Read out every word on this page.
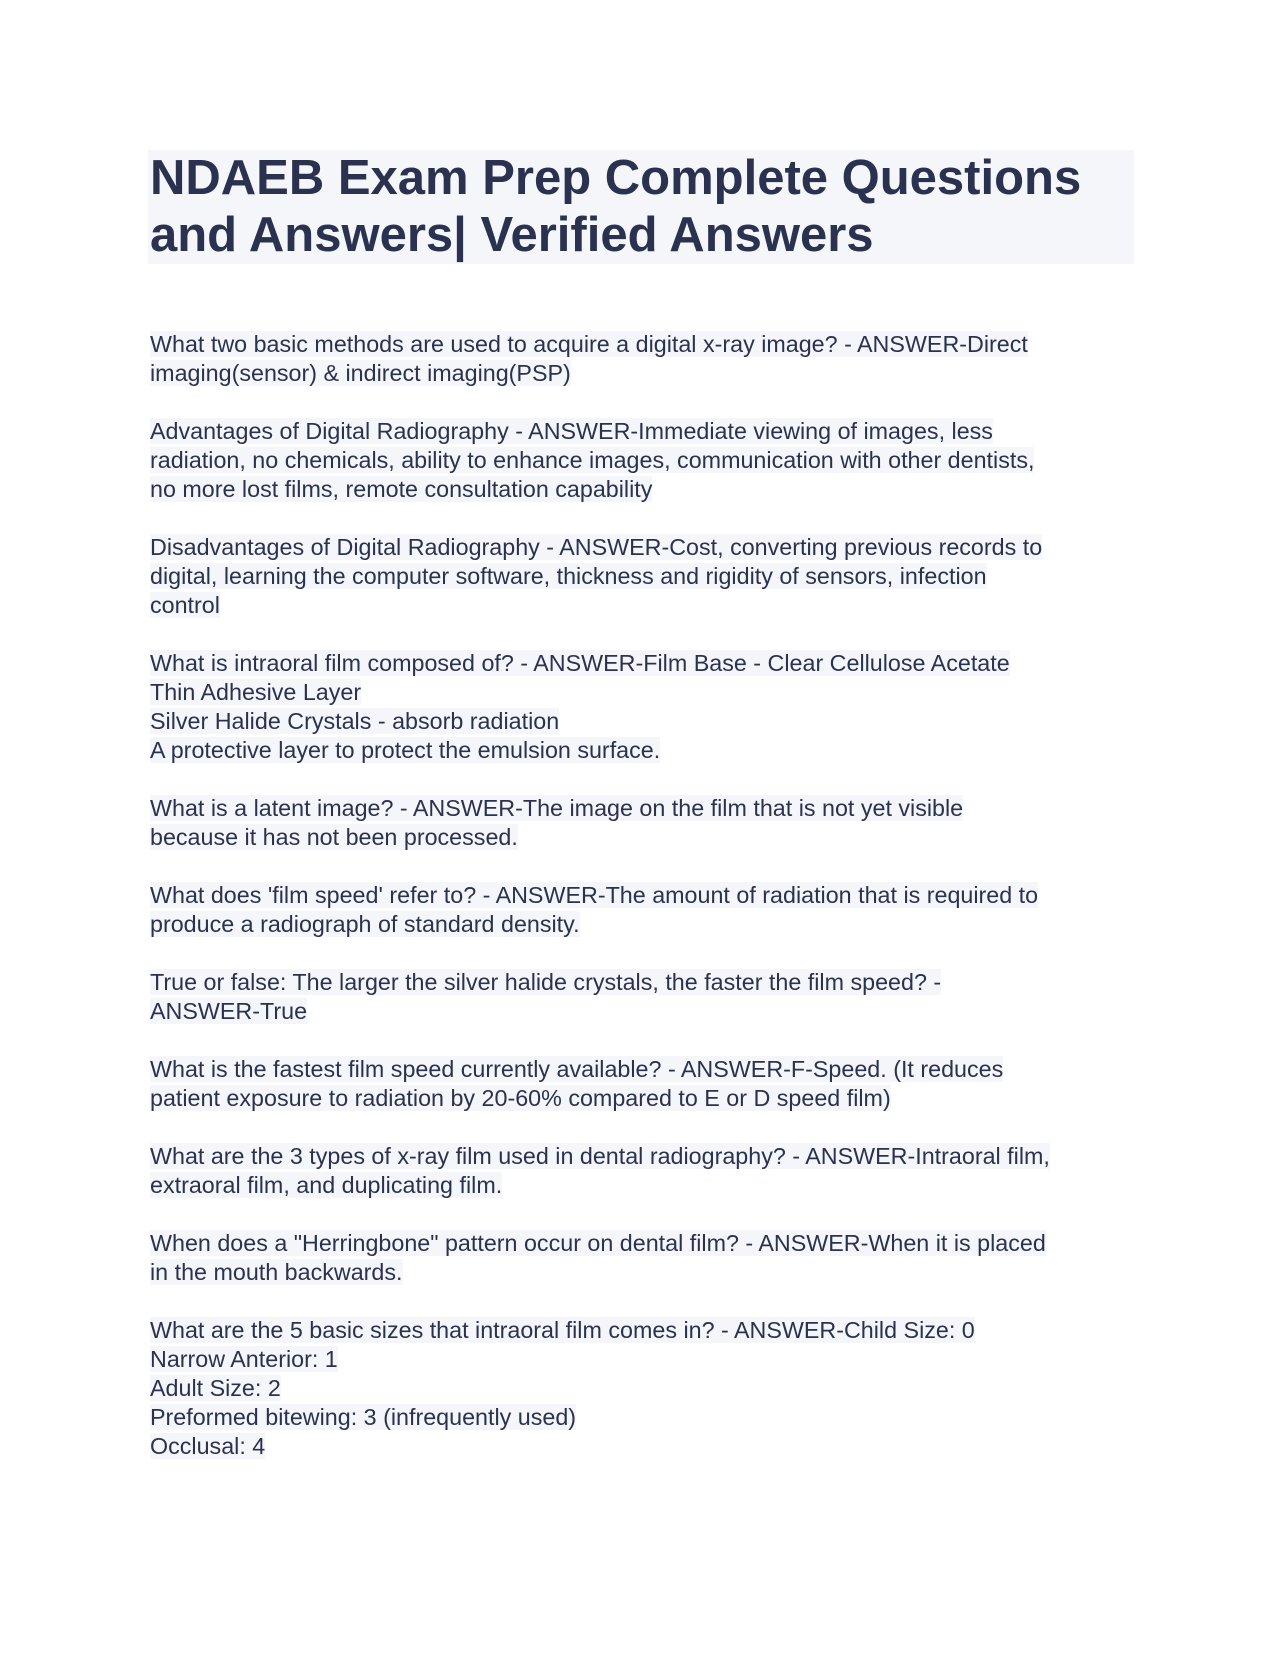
NDAEB Exam Prep Complete Questions
and Answers| Verified Answers
What two basic methods are used to acquire a digital x-ray image? - ANSWER-Direct
imaging(sensor) & indirect imaging(PSP)
Advantages of Digital Radiography - ANSWER-Immediate viewing of images, less
radiation, no chemicals, ability to enhance images, communication with other dentists,
no more lost films, remote consultation capability
Disadvantages of Digital Radiography - ANSWER-Cost, converting previous records to
digital, learning the computer software, thickness and rigidity of sensors, infection
control
What is intraoral film composed of? - ANSWER-Film Base - Clear Cellulose Acetate
Thin Adhesive Layer
Silver Halide Crystals - absorb radiation
A protective layer to protect the emulsion surface.
What is a latent image? - ANSWER-The image on the film that is not yet visible
because it has not been processed.
What does 'film speed' refer to? - ANSWER-The amount of radiation that is required to
produce a radiograph of standard density.
True or false: The larger the silver halide crystals, the faster the film speed? -
ANSWER-True
What is the fastest film speed currently available? - ANSWER-F-Speed. (It reduces
patient exposure to radiation by 20-60% compared to E or D speed film)
What are the 3 types of x-ray film used in dental radiography? - ANSWER-Intraoral film,
extraoral film, and duplicating film.
When does a "Herringbone" pattern occur on dental film? - ANSWER-When it is placed
in the mouth backwards.
What are the 5 basic sizes that intraoral film comes in? - ANSWER-Child Size: 0
Narrow Anterior: 1
Adult Size: 2
Preformed bitewing: 3 (infrequently used)
Occlusal: 4
